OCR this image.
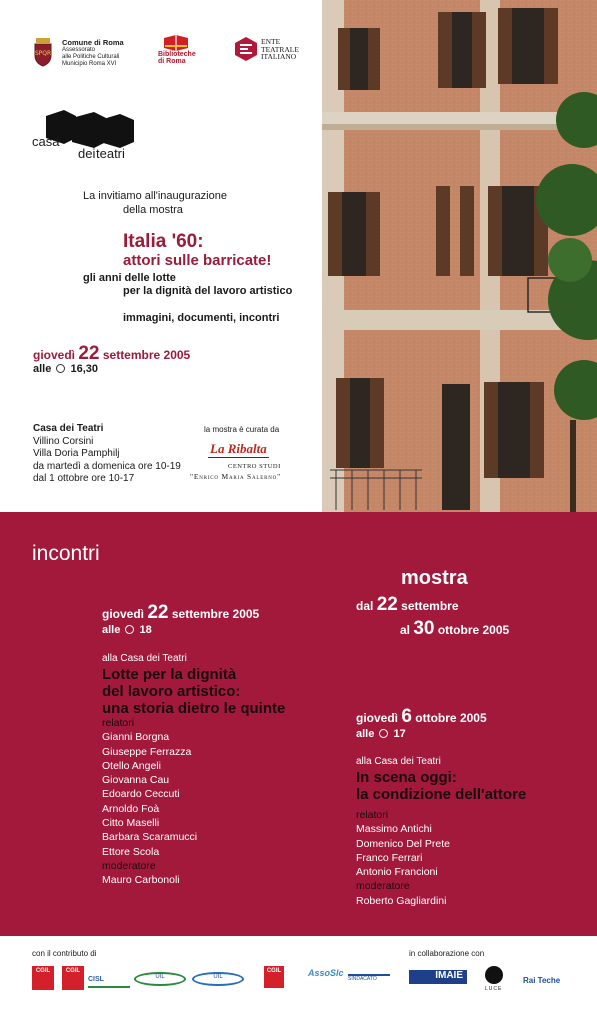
SPQR
Comune di Roma
Assessorato
alle Politiche Culturali
Municipio Roma XVI
Biblioteche
di Roma
ENTE
TEATRALE
ITALIANO
casa
dei teatri
La invitiamo all'inaugurazione
della mostra
Italia '60:
attori sulle barricate!
gli anni delle lotte
per la dignità del lavoro artistico
immagini, documenti, incontri
giovedì 22 settembre 2005
alle 16,30
Casa dei Teatri
Villino Corsini
Villa Doria Pamphilj
da martedì a domenica ore 10-19
dal 1 ottobre ore 10-17
la mostra è curata da
La Ribalta
CENTRO STUDI
"Enrico Maria Salerno"
incontri
giovedì 22 settembre 2005
alle 18
alla Casa dei Teatri
Lotte per la dignità
del lavoro artistico:
una storia dietro le quinte
relatori
Gianni Borgna
Giuseppe Ferrazza
Otello Angeli
Giovanna Cau
Edoardo Ceccuti
Arnoldo Foà
Citto Maselli
Barbara Scaramucci
Ettore Scola
moderatore
Mauro Carbonoli
mostra
dal 22 settembre
al 30 ottobre 2005
giovedì 6 ottobre 2005
alle 17
alla Casa dei Teatri
In scena oggi:
la condizione dell'attore
relatori
Massimo Antichi
Domenico Del Prete
Franco Ferrari
Antonio Francioni
moderatore
Roberto Gagliardini
con il contributo di	in collaborazione con
CGIL	CGIL
CISL	UIL	UIL
CGIL	AssoSlc
SINDACATO	IMAIE
LUCE
Rai Teche
